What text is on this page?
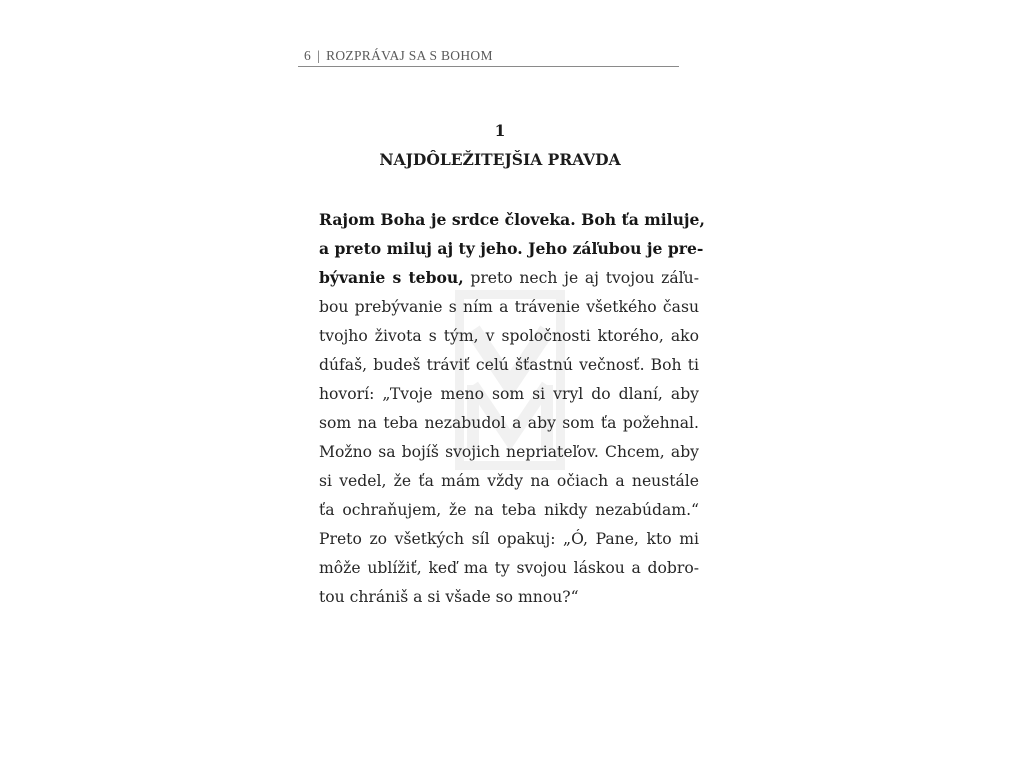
6 | ROZPRÁVAJ SA S BOHOM
1
NAJDÔLEŽITEJŠIA PRAVDA
Rajom Boha je srdce človeka. Boh ťa miluje,
a preto miluj aj ty jeho. Jeho záľubou je pre-
bývanie s tebou, preto nech je aj tvojou záľu-
bou prebývanie s ním a trávenie všetkého času
tvojho života s tým, v spoločnosti ktorého, ako
dúfaš, budeš tráviť celú šťastnú večnosť. Boh ti
hovorí: „Tvoje meno som si vryl do dlaní, aby
som na teba nezabudol a aby som ťa požehnal.
Možno sa bojíš svojich nepriateľov. Chcem, aby
si vedel, že ťa mám vždy na očiach a neustále
ťa ochraňujem, že na teba nikdy nezabúdam.“
Preto zo všetkých síl opakuj: „Ó, Pane, kto mi
môže ublížiť, keď ma ty svojou láskou a dobro-
tou chrániš a si všade so mnou?“
